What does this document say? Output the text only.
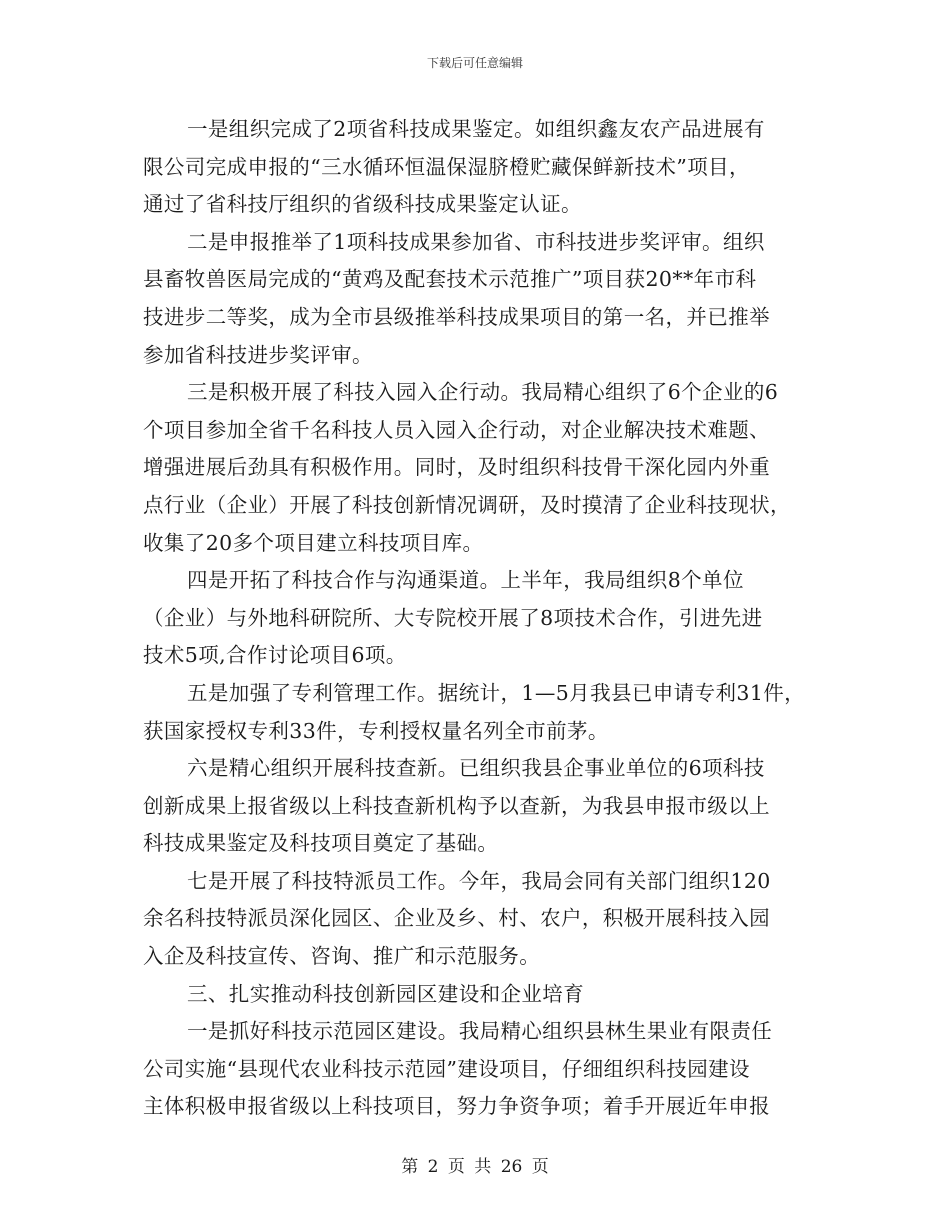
下载后可任意编辑
一是组织完成了2项省科技成果鉴定。如组织鑫友农产品进展有
限公司完成申报的“三水循环恒温保湿脐橙贮藏保鲜新技术”项目，
通过了省科技厅组织的省级科技成果鉴定认证。
二是申报推举了1项科技成果参加省、市科技进步奖评审。组织
县畜牧兽医局完成的“黄鸡及配套技术示范推广”项目获20**年市科
技进步二等奖，成为全市县级推举科技成果项目的第一名，并已推举
参加省科技进步奖评审。
三是积极开展了科技入园入企行动。我局精心组织了6个企业的6
个项目参加全省千名科技人员入园入企行动，对企业解决技术难题、
增强进展后劲具有积极作用。同时，及时组织科技骨干深化园内外重
点行业（企业）开展了科技创新情况调研，及时摸清了企业科技现状，
收集了20多个项目建立科技项目库。
四是开拓了科技合作与沟通渠道。上半年，我局组织8个单位
（企业）与外地科研院所、大专院校开展了8项技术合作，引进先进
技术5项,合作讨论项目6项。
五是加强了专利管理工作。据统计，1—5月我县已申请专利31件，
获国家授权专利33件，专利授权量名列全市前茅。
六是精心组织开展科技查新。已组织我县企事业单位的6项科技
创新成果上报省级以上科技查新机构予以查新，为我县申报市级以上
科技成果鉴定及科技项目奠定了基础。
七是开展了科技特派员工作。今年，我局会同有关部门组织120
余名科技特派员深化园区、企业及乡、村、农户，积极开展科技入园
入企及科技宣传、咨询、推广和示范服务。
三、扎实推动科技创新园区建设和企业培育
一是抓好科技示范园区建设。我局精心组织县林生果业有限责任
公司实施“县现代农业科技示范园”建设项目，仔细组织科技园建设
主体积极申报省级以上科技项目，努力争资争项；着手开展近年申报
第 2 页 共 26 页
